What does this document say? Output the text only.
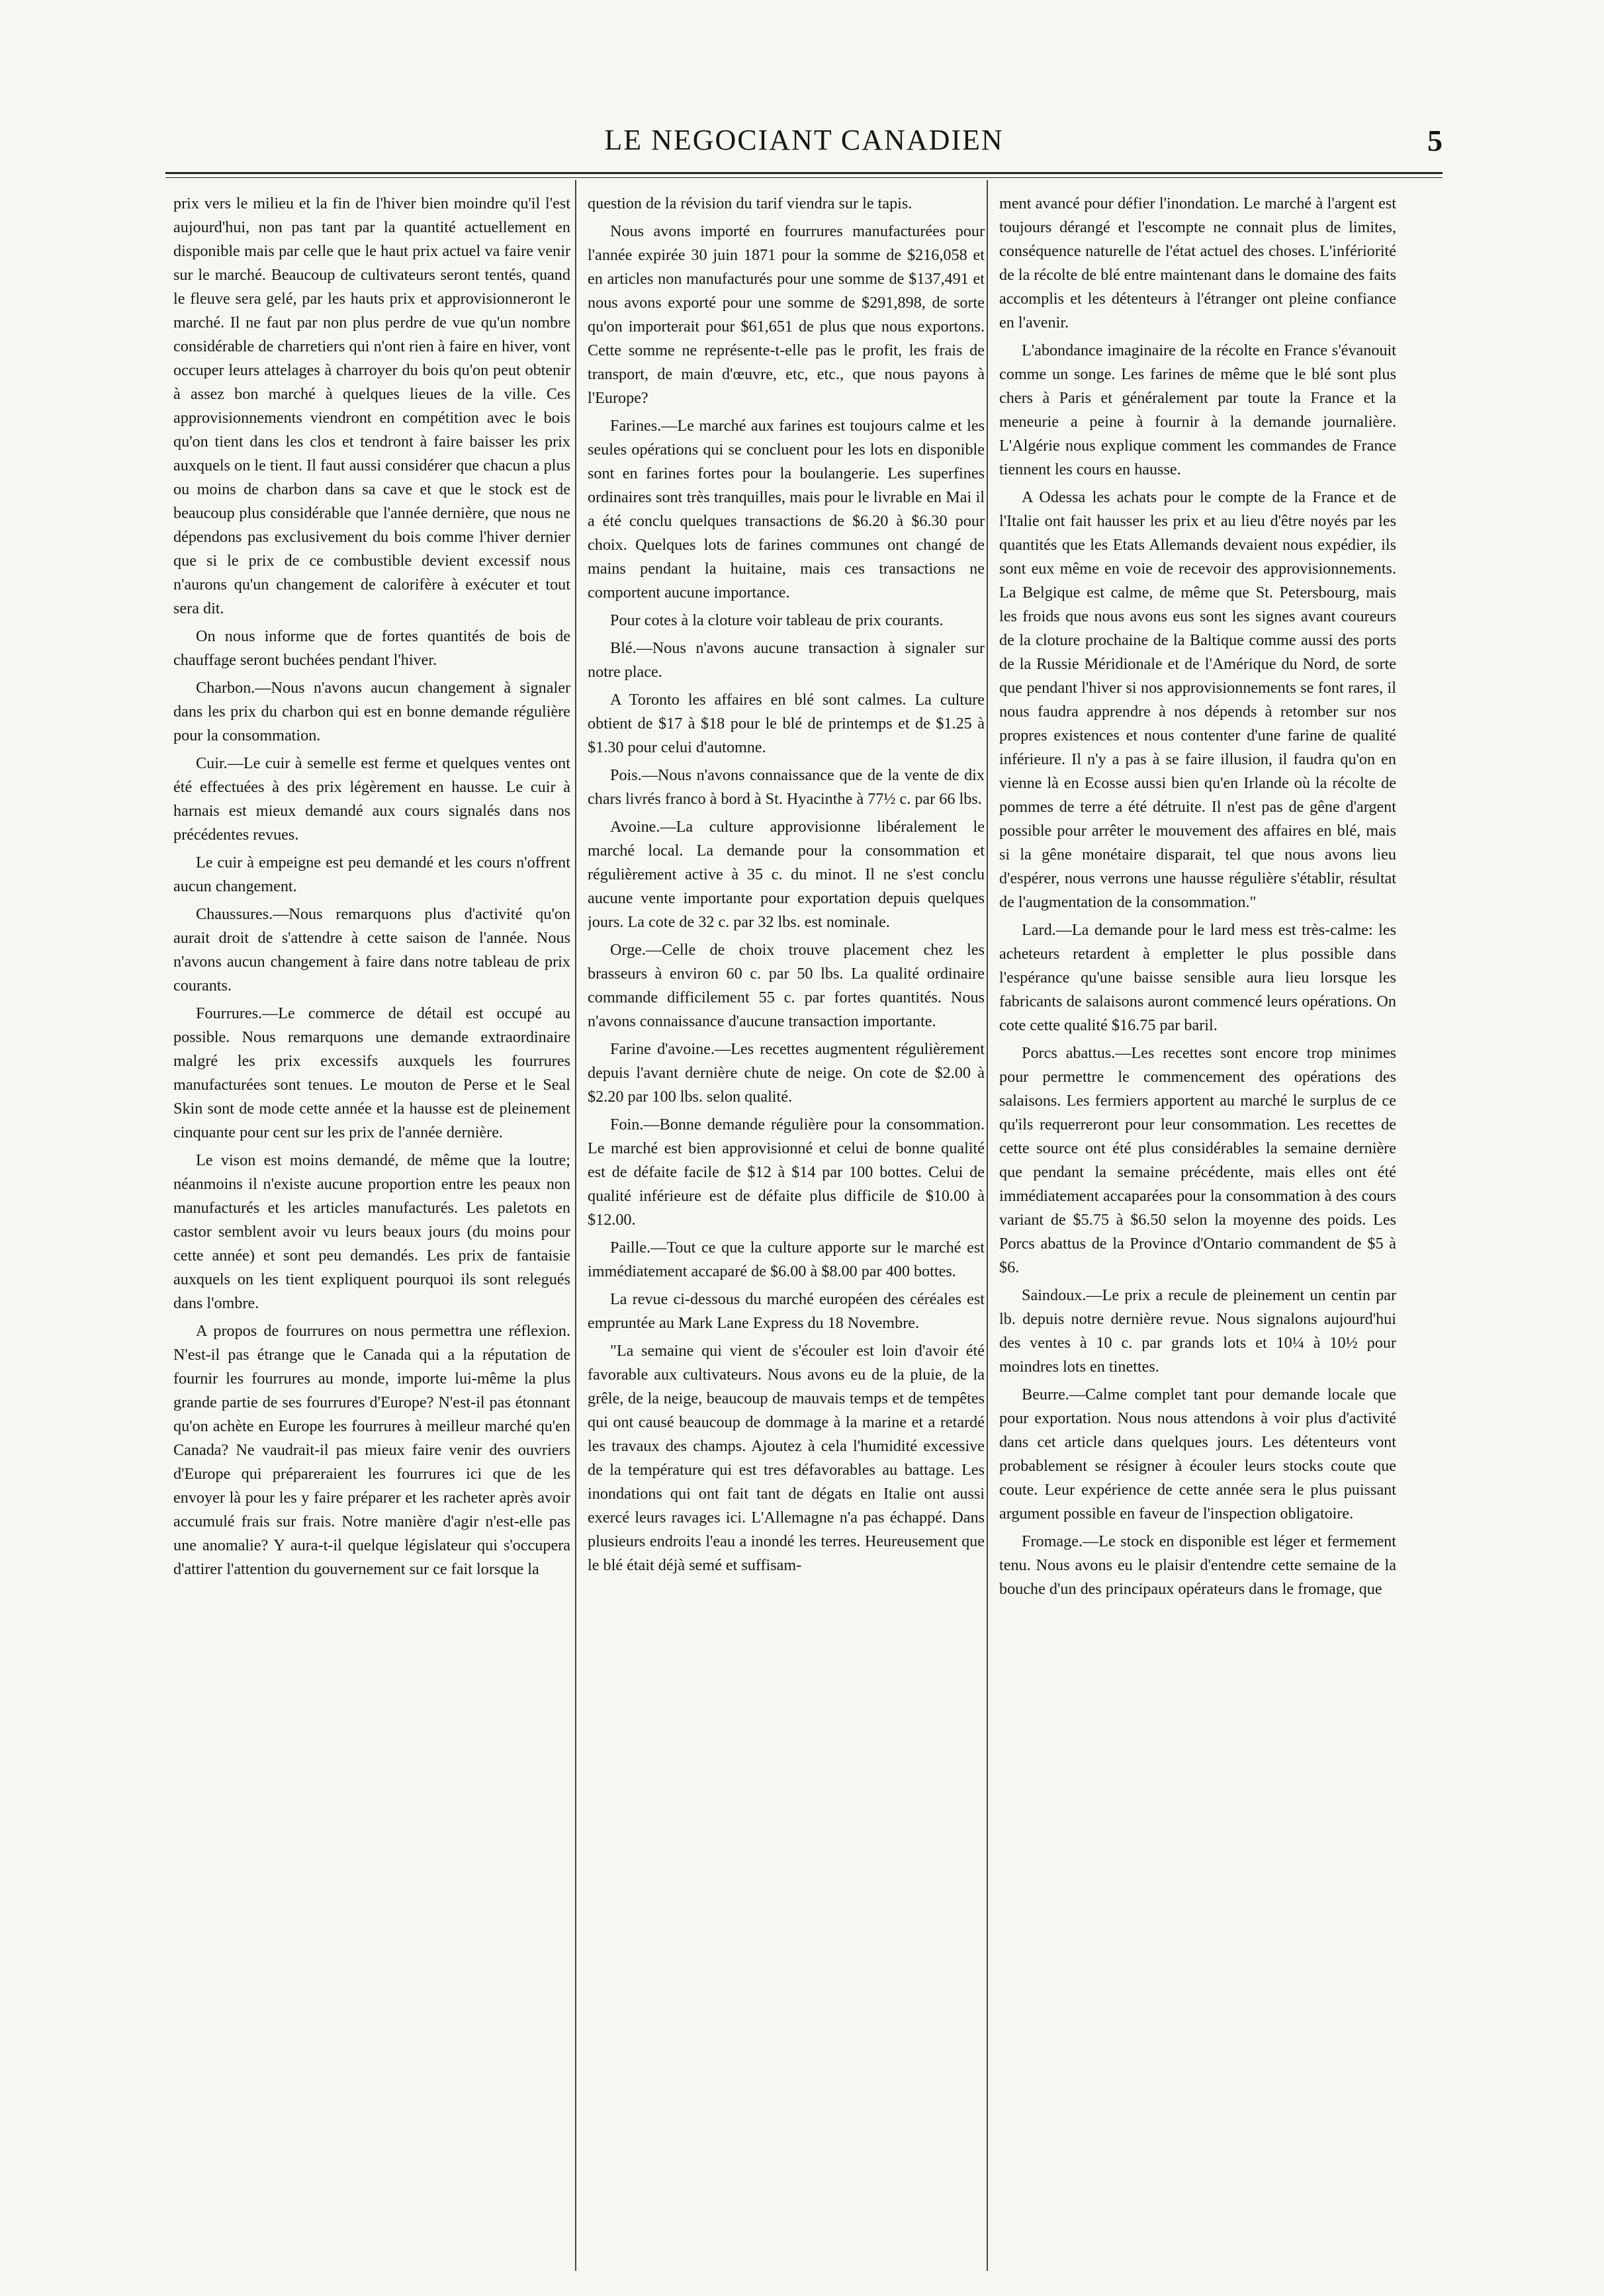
LE NEGOCIANT CANADIEN	5

prix vers le milieu et la fin de l'hiver bien moindre qu'il l'est aujourd'hui, non pas tant par la quantité actuellement en disponible mais par celle que le haut prix actuel va faire venir sur le marché. Beaucoup de cultivateurs seront tentés, quand le fleuve sera gelé, par les hauts prix et approvisionneront le marché. Il ne faut par non plus perdre de vue qu'un nombre considérable de charretiers qui n'ont rien à faire en hiver, vont occuper leurs attelages à charroyer du bois qu'on peut obtenir à assez bon marché à quelques lieues de la ville. Ces approvisionnements viendront en compétition avec le bois qu'on tient dans les clos et tendront à faire baisser les prix auxquels on le tient. Il faut aussi considérer que chacun a plus ou moins de charbon dans sa cave et que le stock est de beaucoup plus considérable que l'année dernière, que nous ne dépendons pas exclusivement du bois comme l'hiver dernier que si le prix de ce combustible devient excessif nous n'aurons qu'un changement de calorifère à exécuter et tout sera dit.

On nous informe que de fortes quantités de bois de chauffage seront buchées pendant l'hiver.

Charbon.—Nous n'avons aucun changement à signaler dans les prix du charbon qui est en bonne demande régulière pour la consommation.

Cuir.—Le cuir à semelle est ferme et quelques ventes ont été effectuées à des prix légèrement en hausse. Le cuir à harnais est mieux demandé aux cours signalés dans nos précédentes revues.

Le cuir à empeigne est peu demandé et les cours n'offrent aucun changement.

Chaussures.—Nous remarquons plus d'activité qu'on aurait droit de s'attendre à cette saison de l'année. Nous n'avons aucun changement à faire dans notre tableau de prix courants.

Fourrures.—Le commerce de détail est occupé au possible. Nous remarquons une demande extraordinaire malgré les prix excessifs auxquels les fourrures manufacturées sont tenues. Le mouton de Perse et le Seal Skin sont de mode cette année et la hausse est de pleinement cinquante pour cent sur les prix de l'année dernière.

Le vison est moins demandé, de même que la loutre; néanmoins il n'existe aucune proportion entre les peaux non manufacturés et les articles manufacturés. Les paletots en castor semblent avoir vu leurs beaux jours (du moins pour cette année) et sont peu demandés. Les prix de fantaisie auxquels on les tient expliquent pourquoi ils sont relegués dans l'ombre.

A propos de fourrures on nous permettra une réflexion. N'est-il pas étrange que le Canada qui a la réputation de fournir les fourrures au monde, importe lui-même la plus grande partie de ses fourrures d'Europe? N'est-il pas étonnant qu'on achète en Europe les fourrures à meilleur marché qu'en Canada? Ne vaudrait-il pas mieux faire venir des ouvriers d'Europe qui prépareraient les fourrures ici que de les envoyer là pour les y faire préparer et les racheter après avoir accumulé frais sur frais. Notre manière d'agir n'est-elle pas une anomalie? Y aura-t-il quelque législateur qui s'occupera d'attirer l'attention du gouvernement sur ce fait lorsque la

question de la révision du tarif viendra sur le tapis.

Nous avons importé en fourrures manufacturées pour l'année expirée 30 juin 1871 pour la somme de $216,058 et en articles non manufacturés pour une somme de $137,491 et nous avons exporté pour une somme de $291,898, de sorte qu'on importerait pour $61,651 de plus que nous exportons. Cette somme ne représente-t-elle pas le profit, les frais de transport, de main d'œuvre, etc, etc., que nous payons à l'Europe?

Farines.—Le marché aux farines est toujours calme et les seules opérations qui se concluent pour les lots en disponible sont en farines fortes pour la boulangerie. Les superfines ordinaires sont très tranquilles, mais pour le livrable en Mai il a été conclu quelques transactions de $6.20 à $6.30 pour choix. Quelques lots de farines communes ont changé de mains pendant la huitaine, mais ces transactions ne comportent aucune importance.

Pour cotes à la cloture voir tableau de prix courants.

Blé.—Nous n'avons aucune transaction à signaler sur notre place.

A Toronto les affaires en blé sont calmes. La culture obtient de $17 à $18 pour le blé de printemps et de $1.25 à $1.30 pour celui d'automne.

Pois.—Nous n'avons connaissance que de la vente de dix chars livrés franco à bord à St. Hyacinthe à 77½ c. par 66 lbs.

Avoine.—La culture approvisionne libéralement le marché local. La demande pour la consommation et régulièrement active à 35 c. du minot. Il ne s'est conclu aucune vente importante pour exportation depuis quelques jours. La cote de 32 c. par 32 lbs. est nominale.

Orge.—Celle de choix trouve placement chez les brasseurs à environ 60 c. par 50 lbs. La qualité ordinaire commande difficilement 55 c. par fortes quantités. Nous n'avons connaissance d'aucune transaction importante.

Farine d'avoine.—Les recettes augmentent régulièrement depuis l'avant dernière chute de neige. On cote de $2.00 à $2.20 par 100 lbs. selon qualité.

Foin.—Bonne demande régulière pour la consommation. Le marché est bien approvisionné et celui de bonne qualité est de défaite facile de $12 à $14 par 100 bottes. Celui de qualité inférieure est de défaite plus difficile de $10.00 à $12.00.

Paille.—Tout ce que la culture apporte sur le marché est immédiatement accaparé de $6.00 à $8.00 par 400 bottes.

La revue ci-dessous du marché européen des céréales est empruntée au Mark Lane Express du 18 Novembre.

"La semaine qui vient de s'écouler est loin d'avoir été favorable aux cultivateurs. Nous avons eu de la pluie, de la grêle, de la neige, beaucoup de mauvais temps et de tempêtes qui ont causé beaucoup de dommage à la marine et a retardé les travaux des champs. Ajoutez à cela l'humidité excessive de la température qui est tres défavorables au battage. Les inondations qui ont fait tant de dégats en Italie ont aussi exercé leurs ravages ici. L'Allemagne n'a pas échappé. Dans plusieurs endroits l'eau a inondé les terres. Heureusement que le blé était déjà semé et suffisam-

ment avancé pour défier l'inondation. Le marché à l'argent est toujours dérangé et l'escompte ne connait plus de limites, conséquence naturelle de l'état actuel des choses. L'infériorité de la récolte de blé entre maintenant dans le domaine des faits accomplis et les détenteurs à l'étranger ont pleine confiance en l'avenir.

L'abondance imaginaire de la récolte en France s'évanouit comme un songe. Les farines de même que le blé sont plus chers à Paris et généralement par toute la France et la meneurie a peine à fournir à la demande journalière. L'Algérie nous explique comment les commandes de France tiennent les cours en hausse.

A Odessa les achats pour le compte de la France et de l'Italie ont fait hausser les prix et au lieu d'être noyés par les quantités que les Etats Allemands devaient nous expédier, ils sont eux même en voie de recevoir des approvisionnements. La Belgique est calme, de même que St. Petersbourg, mais les froids que nous avons eus sont les signes avant coureurs de la cloture prochaine de la Baltique comme aussi des ports de la Russie Méridionale et de l'Amérique du Nord, de sorte que pendant l'hiver si nos approvisionnements se font rares, il nous faudra apprendre à nos dépends à retomber sur nos propres existences et nous contenter d'une farine de qualité inférieure. Il n'y a pas à se faire illusion, il faudra qu'on en vienne là en Ecosse aussi bien qu'en Irlande où la récolte de pommes de terre a été détruite. Il n'est pas de gêne d'argent possible pour arrêter le mouvement des affaires en blé, mais si la gêne monétaire disparait, tel que nous avons lieu d'espérer, nous verrons une hausse régulière s'établir, résultat de l'augmentation de la consommation."

Lard.—La demande pour le lard mess est très-calme: les acheteurs retardent à empletter le plus possible dans l'espérance qu'une baisse sensible aura lieu lorsque les fabricants de salaisons auront commencé leurs opérations. On cote cette qualité $16.75 par baril.

Porcs abattus.—Les recettes sont encore trop minimes pour permettre le commencement des opérations des salaisons. Les fermiers apportent au marché le surplus de ce qu'ils requerreront pour leur consommation. Les recettes de cette source ont été plus considérables la semaine dernière que pendant la semaine précédente, mais elles ont été immédiatement accaparées pour la consommation à des cours variant de $5.75 à $6.50 selon la moyenne des poids. Les Porcs abattus de la Province d'Ontario commandent de $5 à $6.

Saindoux.—Le prix a recule de pleinement un centin par lb. depuis notre dernière revue. Nous signalons aujourd'hui des ventes à 10 c. par grands lots et 10¼ à 10½ pour moindres lots en tinettes.

Beurre.—Calme complet tant pour demande locale que pour exportation. Nous nous attendons à voir plus d'activité dans cet article dans quelques jours. Les détenteurs vont probablement se résigner à écouler leurs stocks coute que coute. Leur expérience de cette année sera le plus puissant argument possible en faveur de l'inspection obligatoire.

Fromage.—Le stock en disponible est léger et fermement tenu. Nous avons eu le plaisir d'entendre cette semaine de la bouche d'un des principaux opérateurs dans le fromage, que
